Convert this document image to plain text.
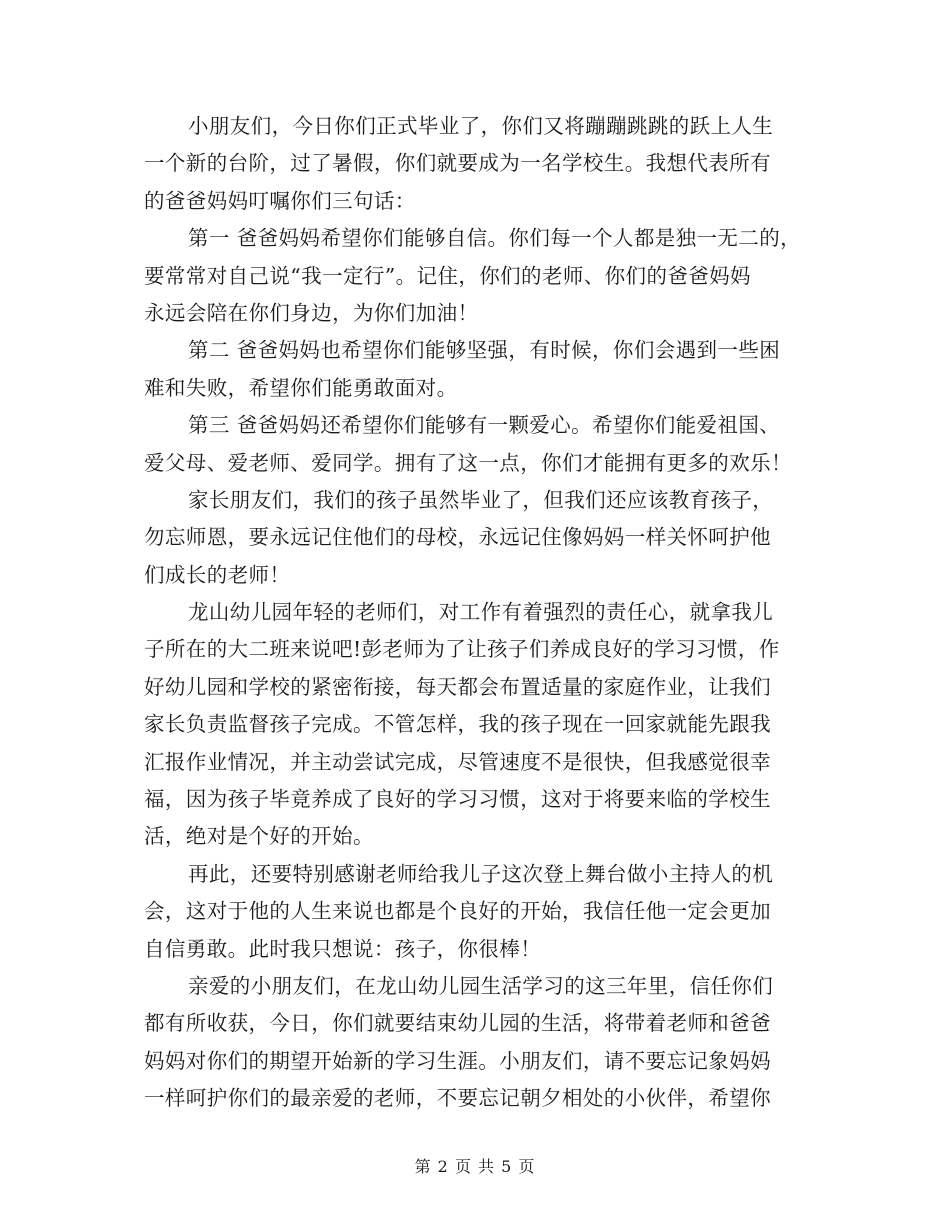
小朋友们，今日你们正式毕业了，你们又将蹦蹦跳跳的跃上人生
一个新的台阶，过了暑假，你们就要成为一名学校生。我想代表所有
的爸爸妈妈叮嘱你们三句话：
第一 爸爸妈妈希望你们能够自信。你们每一个人都是独一无二的，
要常常对自己说“我一定行”。记住，你们的老师、你们的爸爸妈妈
永远会陪在你们身边，为你们加油！
第二 爸爸妈妈也希望你们能够坚强，有时候，你们会遇到一些困
难和失败，希望你们能勇敢面对。
第三 爸爸妈妈还希望你们能够有一颗爱心。希望你们能爱祖国、
爱父母、爱老师、爱同学。拥有了这一点，你们才能拥有更多的欢乐！
家长朋友们，我们的孩子虽然毕业了，但我们还应该教育孩子，
勿忘师恩，要永远记住他们的母校，永远记住像妈妈一样关怀呵护他
们成长的老师！
龙山幼儿园年轻的老师们，对工作有着强烈的责任心，就拿我儿
子所在的大二班来说吧!彭老师为了让孩子们养成良好的学习习惯，作
好幼儿园和学校的紧密衔接，每天都会布置适量的家庭作业，让我们
家长负责监督孩子完成。不管怎样，我的孩子现在一回家就能先跟我
汇报作业情况，并主动尝试完成，尽管速度不是很快，但我感觉很幸
福，因为孩子毕竟养成了良好的学习习惯，这对于将要来临的学校生
活，绝对是个好的开始。
再此，还要特别感谢老师给我儿子这次登上舞台做小主持人的机
会，这对于他的人生来说也都是个良好的开始，我信任他一定会更加
自信勇敢。此时我只想说：孩子，你很棒！
亲爱的小朋友们，在龙山幼儿园生活学习的这三年里，信任你们
都有所收获，今日，你们就要结束幼儿园的生活，将带着老师和爸爸
妈妈对你们的期望开始新的学习生涯。小朋友们，请不要忘记象妈妈
一样呵护你们的最亲爱的老师，不要忘记朝夕相处的小伙伴，希望你
第 2 页 共 5 页
